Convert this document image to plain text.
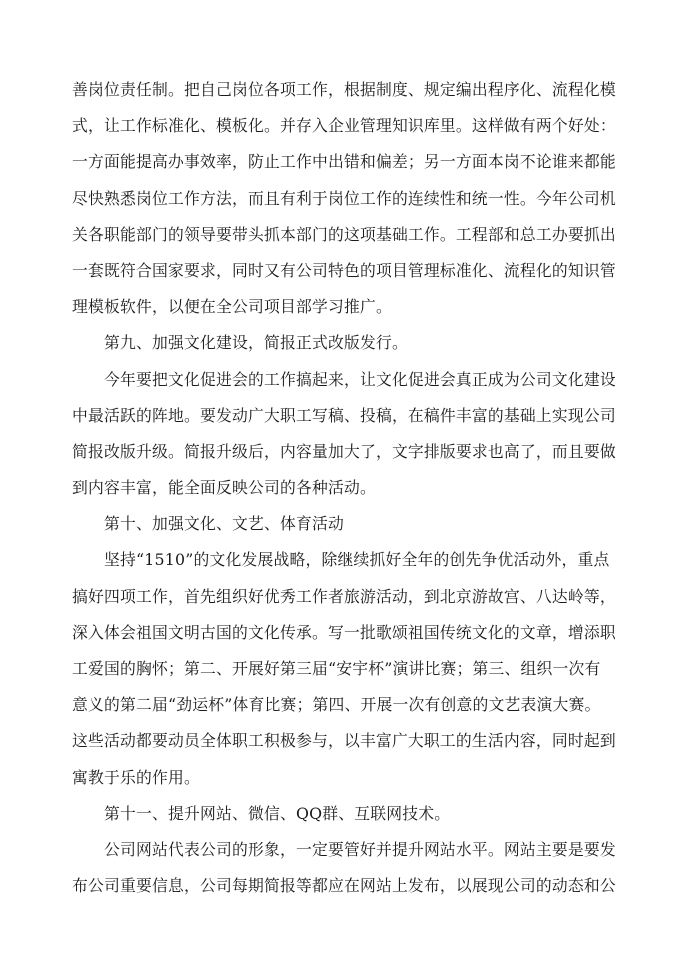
善岗位责任制。把自己岗位各项工作，根据制度、规定编出程序化、流程化模
式，让工作标准化、模板化。并存入企业管理知识库里。这样做有两个好处：
一方面能提高办事效率，防止工作中出错和偏差；另一方面本岗不论谁来都能
尽快熟悉岗位工作方法，而且有利于岗位工作的连续性和统一性。今年公司机
关各职能部门的领导要带头抓本部门的这项基础工作。工程部和总工办要抓出
一套既符合国家要求，同时又有公司特色的项目管理标准化、流程化的知识管
理模板软件，以便在全公司项目部学习推广。
第九、加强文化建设，简报正式改版发行。
今年要把文化促进会的工作搞起来，让文化促进会真正成为公司文化建设
中最活跃的阵地。要发动广大职工写稿、投稿，在稿件丰富的基础上实现公司
简报改版升级。简报升级后，内容量加大了，文字排版要求也高了，而且要做
到内容丰富，能全面反映公司的各种活动。
第十、加强文化、文艺、体育活动
坚持“1510”的文化发展战略，除继续抓好全年的创先争优活动外，重点
搞好四项工作，首先组织好优秀工作者旅游活动，到北京游故宫、八达岭等，
深入体会祖国文明古国的文化传承。写一批歌颂祖国传统文化的文章，增添职
工爱国的胸怀；第二、开展好第三届“安宇杯”演讲比赛；第三、组织一次有
意义的第二届“劲运杯”体育比赛；第四、开展一次有创意的文艺表演大赛。
这些活动都要动员全体职工积极参与，以丰富广大职工的生活内容，同时起到
寓教于乐的作用。
第十一、提升网站、微信、QQ群、互联网技术。
公司网站代表公司的形象，一定要管好并提升网站水平。网站主要是要发
布公司重要信息，公司每期简报等都应在网站上发布，以展现公司的动态和公
